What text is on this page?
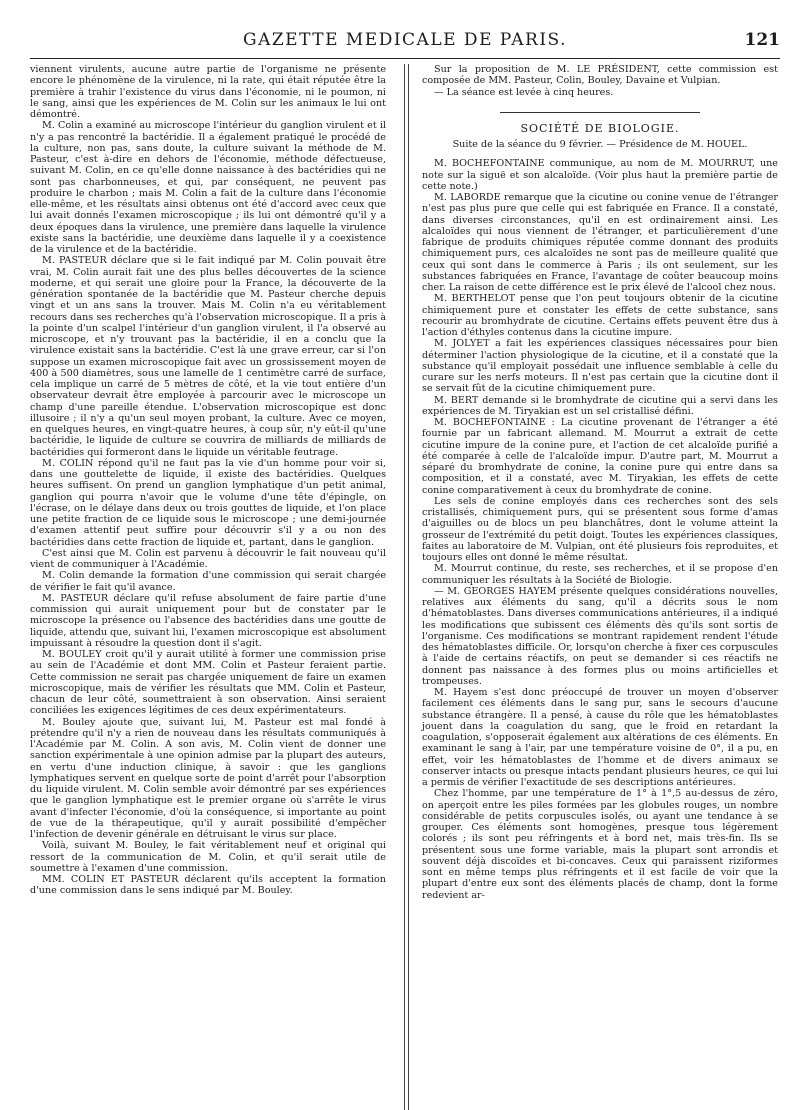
GAZETTE MEDICALE DE PARIS.	121

viennent virulents, aucune autre partie de l'organisme ne présente encore le phénomène de la virulence, ni la rate, qui était réputée être la première à trahir l'existence du virus dans l'économie, ni le poumon, ni le sang, ainsi que les expériences de M. Colin sur les animaux le lui ont démontré.

M. Colin a examiné au microscope l'intérieur du ganglion virulent et il n'y a pas rencontré la bactéridie. Il a également pratiqué le procédé de la culture, non pas, sans doute, la culture suivant la méthode de M. Pasteur, c'est à-dire en dehors de l'économie, méthode défectueuse, suivant M. Colin, en ce qu'elle donne naissance à des bactéridies qui ne sont pas charbonneuses, et qui, par conséquent, ne peuvent pas produire le charbon ; mais M. Colin a fait de la culture dans l'économie elle-même, et les résultats ainsi obtenus ont été d'accord avec ceux que lui avait donnés l'examen microscopique ; ils lui ont démontré qu'il y a deux époques dans la virulence, une première dans laquelle la virulence existe sans la bactéridie, une deuxième dans laquelle il y a coexistence de la virulence et de la bactéridie.

M. PASTEUR déclare que si le fait indiqué par M. Colin pouvait être vrai, M. Colin aurait fait une des plus belles découvertes de la science moderne, et qui serait une gloire pour la France, la découverte de la génération spontanée de la bactéridie que M. Pasteur cherche depuis vingt et un ans sans la trouver. Mais M. Colin n'a eu véritablement recours dans ses recherches qu'à l'observation microscopique. Il a pris à la pointe d'un scalpel l'intérieur d'un ganglion virulent, il l'a observé au microscope, et n'y trouvant pas la bactéridie, il en a conclu que la virulence existait sans la bactéridie. C'est là une grave erreur, car si l'on suppose un examen microscopique fait avec un grossissement moyen de 400 à 500 diamètres, sous une lamelle de 1 centimètre carré de surface, cela implique un carré de 5 mètres de côté, et la vie tout entière d'un observateur devrait être employée à parcourir avec le microscope un champ d'une pareille étendue. L'observation microscopique est donc illusoire ; il n'y a qu'un seul moyen probant, la culture. Avec ce moyen, en quelques heures, en vingt-quatre heures, à coup sûr, n'y eût-il qu'une bactéridie, le liquide de culture se couvrira de milliards de milliards de bactéridies qui formeront dans le liquide un véritable feutrage.

M. COLIN répond qu'il ne faut pas la vie d'un homme pour voir si, dans une gouttelette de liquide, il existe des bactéridies. Quelques heures suffisent. On prend un ganglion lymphatique d'un petit animal, ganglion qui pourra n'avoir que le volume d'une tête d'épingle, on l'écrase, on le délaye dans deux ou trois gouttes de liquide, et l'on place une petite fraction de ce liquide sous le microscope ; une demi-journée d'examen attentif peut suffire pour découvrir s'il y a ou non des bactéridies dans cette fraction de liquide et, partant, dans le ganglion.

C'est ainsi que M. Colin est parvenu à découvrir le fait nouveau qu'il vient de communiquer à l'Académie.

M. Colin demande la formation d'une commission qui serait chargée de vérifier le fait qu'il avance.

M. PASTEUR déclare qu'il refuse absolument de faire partie d'une commission qui aurait uniquement pour but de constater par le microscope la présence ou l'absence des bactéridies dans une goutte de liquide, attendu que, suivant lui, l'examen microscopique est absolument impuissant à résoudre la question dont il s'agit.

M. BOULEY croit qu'il y aurait utilité à former une commission prise au sein de l'Académie et dont MM. Colin et Pasteur feraient partie. Cette commission ne serait pas chargée uniquement de faire un examen microscopique, mais de vérifier les résultats que MM. Colin et Pasteur, chacun de leur côté, soumettraient à son observation. Ainsi seraient conciliées les exigences légitimes de ces deux expérimentateurs.

M. Bouley ajoute que, suivant lui, M. Pasteur est mal fondé à prétendre qu'il n'y a rien de nouveau dans les résultats communiqués à l'Académie par M. Colin. A son avis, M. Colin vient de donner une sanction expérimentale à une opinion admise par la plupart des auteurs, en vertu d'une induction clinique, à savoir : que les ganglions lymphatiques servent en quelque sorte de point d'arrêt pour l'absorption du liquide virulent. M. Colin semble avoir démontré par ses expériences que le ganglion lymphatique est le premier organe où s'arrête le virus avant d'infecter l'économie, d'où la conséquence, si importante au point de vue de la thérapeutique, qu'il y aurait possibilité d'empêcher l'infection de devenir générale en détruisant le virus sur place.

Voilà, suivant M. Bouley, le fait véritablement neuf et original qui ressort de la communication de M. Colin, et qu'il serait utile de soumettre à l'examen d'une commission.

MM. COLIN ET PASTEUR déclarent qu'ils acceptent la formation d'une commission dans le sens indiqué par M. Bouley.

Sur la proposition de M. LE PRÉSIDENT, cette commission est composée de MM. Pasteur, Colin, Bouley, Davaine et Vulpian.

— La séance est levée à cinq heures.

SOCIÉTÉ DE BIOLOGIE.

Suite de la séance du 9 février. — Présidence de M. HOUEL.

M. BOCHEFONTAINE communique, au nom de M. MOURRUT, une note sur la siguë et son alcaloïde. (Voir plus haut la première partie de cette note.)

M. LABORDE remarque que la cicutine ou conine venue de l'étranger n'est pas plus pure que celle qui est fabriquée en France. Il a constaté, dans diverses circonstances, qu'il en est ordinairement ainsi. Les alcaloïdes qui nous viennent de l'étranger, et particulièrement d'une fabrique de produits chimiques réputée comme donnant des produits chimiquement purs, ces alcaloïdes ne sont pas de meilleure qualité que ceux qui sont dans le commerce à Paris ; ils ont seulement, sur les substances fabriquées en France, l'avantage de coûter beaucoup moins cher. La raison de cette différence est le prix élevé de l'alcool chez nous.

M. BERTHELOT pense que l'on peut toujours obtenir de la cicutine chimiquement pure et constater les effets de cette substance, sans recourir au bromhydrate de cicutine. Certains effets peuvent être dus à l'action d'éthyles contenus dans la cicutine impure.

M. JOLYET a fait les expériences classiques nécessaires pour bien déterminer l'action physiologique de la cicutine, et il a constaté que la substance qu'il employait possédait une influence semblable à celle du curare sur les nerfs moteurs. Il n'est pas certain que la cicutine dont il se servait fût de la cicutine chimiquement pure.

M. BERT demande si le bromhydrate de cicutine qui a servi dans les expériences de M. Tiryakian est un sel cristallisé défini.

M. BOCHEFONTAINE : La cicutine provenant de l'étranger a été fournie par un fabricant allemand. M. Mourrut a extrait de cette cicutine impure de la conine pure, et l'action de cet alcaloïde purifié a été comparée à celle de l'alcaloïde impur. D'autre part, M. Mourrut a séparé du bromhydrate de conine, la conine pure qui entre dans sa composition, et il a constaté, avec M. Tiryakian, les effets de cette conine comparativement à ceux du bromhydrate de conine.

Les sels de conine employés dans ces recherches sont des sels cristallisés, chimiquement purs, qui se présentent sous forme d'amas d'aiguilles ou de blocs un peu blanchâtres, dont le volume atteint la grosseur de l'extrémité du petit doigt. Toutes les expériences classiques, faites au laboratoire de M. Vulpian, ont été plusieurs fois reproduites, et toujours elles ont donné le même résultat.

M. Mourrut continue, du reste, ses recherches, et il se propose d'en communiquer les résultats à la Société de Biologie.

— M. GEORGES HAYEM présente quelques considérations nouvelles, relatives aux éléments du sang, qu'il a décrits sous le nom d'hématoblastes. Dans diverses communications antérieures, il a indiqué les modifications que subissent ces éléments dès qu'ils sont sortis de l'organisme. Ces modifications se montrant rapidement rendent l'étude des hématoblastes difficile. Or, lorsqu'on cherche à fixer ces corpuscules à l'aide de certains réactifs, on peut se demander si ces réactifs ne donnent pas naissance à des formes plus ou moins artificielles et trompeuses.

M. Hayem s'est donc préoccupé de trouver un moyen d'observer facilement ces éléments dans le sang pur, sans le secours d'aucune substance étrangère. Il a pensé, à cause du rôle que les hématoblastes jouent dans la coagulation du sang, que le froid en retardant la coagulation, s'opposerait également aux altérations de ces éléments. En examinant le sang à l'air, par une température voisine de 0°, il a pu, en effet, voir les hématoblastes de l'homme et de divers animaux se conserver intacts ou presque intacts pendant plusieurs heures, ce qui lui a permis de vérifier l'exactitude de ses descriptions antérieures.

Chez l'homme, par une température de 1° à 1°,5 au-dessus de zéro, on aperçoit entre les piles formées par les globules rouges, un nombre considérable de petits corpuscules isolés, ou ayant une tendance à se grouper. Ces éléments sont homogènes, presque tous légèrement colorés ; ils sont peu réfringents et à bord net, mais très-fin. Ils se présentent sous une forme variable, mais la plupart sont arrondis et souvent déjà discoïdes et bi-concaves. Ceux qui paraissent riziformes sont en même temps plus réfringents et il est facile de voir que la plupart d'entre eux sont des éléments placés de champ, dont la forme redevient ar-
